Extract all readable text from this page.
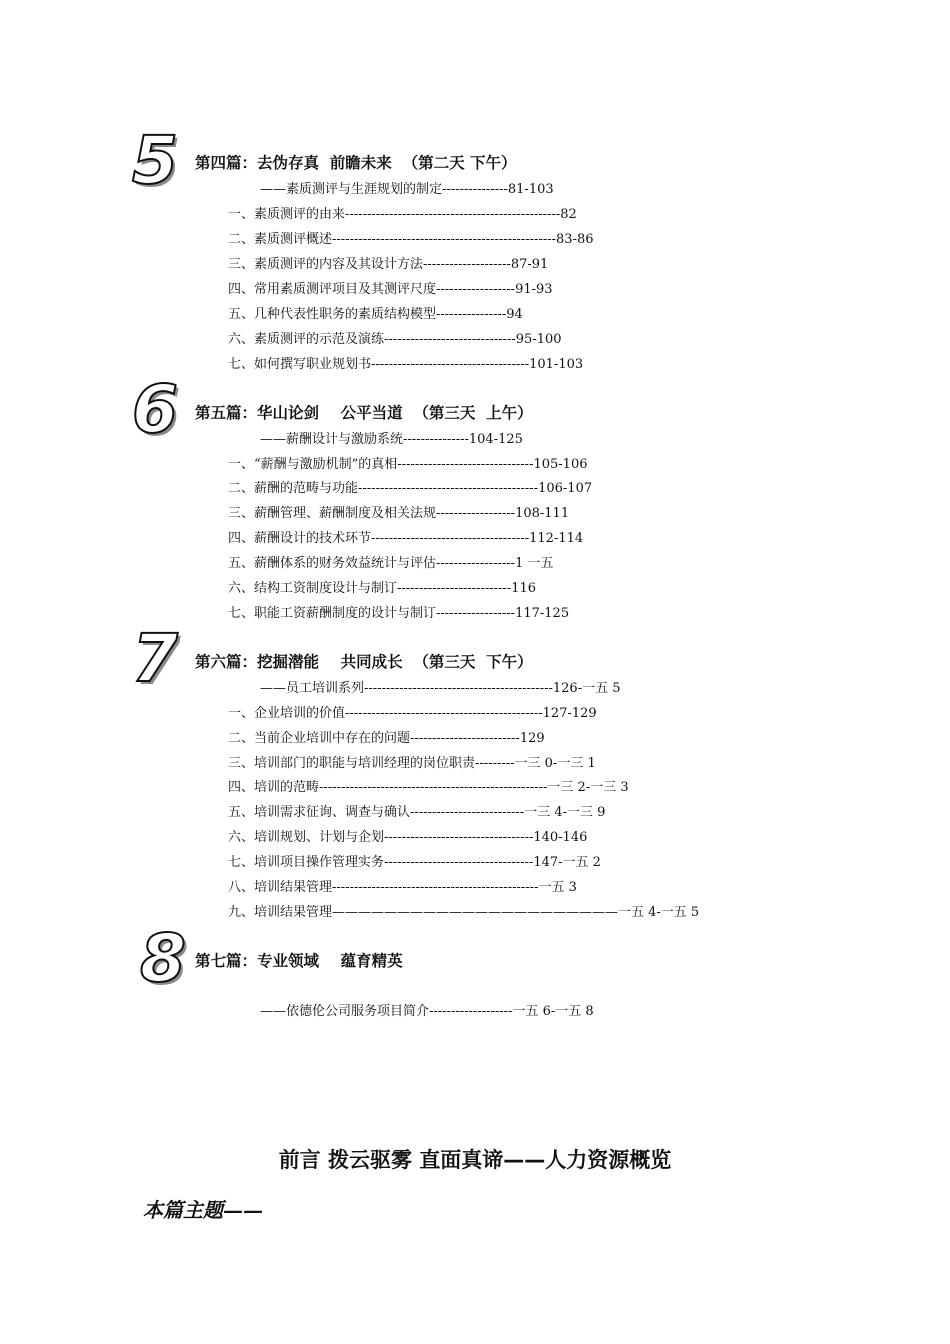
5 第四篇：去伪存真  前瞻未来  （第二天 下午）
——素质测评与生涯规划的制定---------------81-103
一、素质测评的由来-------------------------------------------------82
二、素质测评概述---------------------------------------------------83-86
三、素质测评的内容及其设计方法--------------------87-91
四、常用素质测评项目及其测评尺度------------------91-93
五、几种代表性职务的素质结构模型----------------94
六、素质测评的示范及演练------------------------------95-100
七、如何撰写职业规划书------------------------------------101-103
6 第五篇：华山论剑    公平当道  （第三天  上午）
——薪酬设计与激励系统---------------104-125
一、“薪酬与激励机制”的真相-------------------------------105-106
二、薪酬的范畴与功能-----------------------------------------106-107
三、薪酬管理、薪酬制度及相关法规------------------108-111
四、薪酬设计的技术环节------------------------------------112-114
五、薪酬体系的财务效益统计与评估------------------1 一五
六、结构工资制度设计与制订--------------------------116
七、职能工资薪酬制度的设计与制订------------------117-125
7 第六篇：挖掘潜能    共同成长  （第三天  下午）
——员工培训系列-------------------------------------------126-一五 5
一、企业培训的价值---------------------------------------------127-129
二、当前企业培训中存在的问题-------------------------129
三、培训部门的职能与培训经理的岗位职责---------一三 0-一三 1
四、培训的范畴----------------------------------------------------一三 2-一三 3
五、培训需求征询、调查与确认--------------------------一三 4-一三 9
六、培训规划、计划与企划----------------------------------140-146
七、培训项目操作管理实务----------------------------------147-一五 2
八、培训结果管理-----------------------------------------------一五 3
九、培训结果管理——————————————————————一五 4-一五 5
8 第七篇：专业领域    蕴育精英
——依德伦公司服务项目简介-------------------一五 6-一五 8
前言 拨云驱雾 直面真谛——人力资源概览
本篇主题——
